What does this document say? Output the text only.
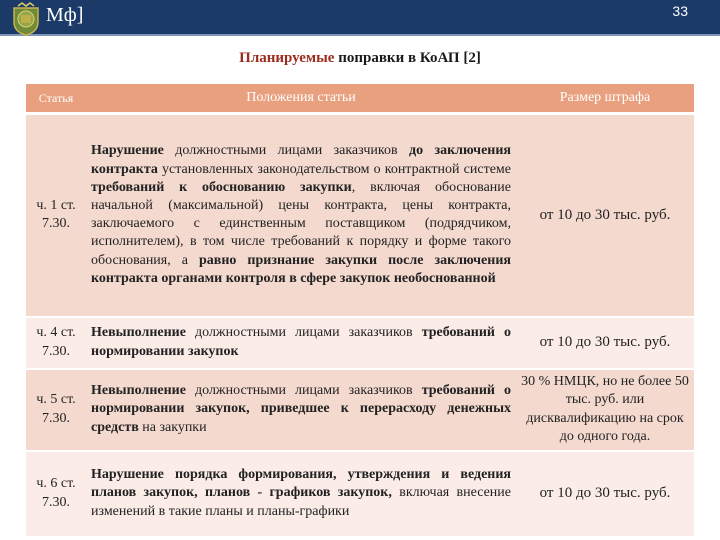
Мф]	33
Планируемые поправки в КоАП [2]
Статья	Положения статьи	Размер штрафа
ч. 1 ст. 7.30.	Нарушение должностными лицами заказчиков до заключения контракта установленных законодательством о контрактной системе требований к обоснованию закупки, включая обоснование начальной (максимальной) цены контракта, цены контракта, заключаемого с единственным поставщиком (подрядчиком, исполнителем), в том числе требований к порядку и форме такого обоснования, а равно признание закупки после заключения контракта органами контроля в сфере закупок необоснованной	от 10 до 30 тыс. руб.
ч. 4 ст. 7.30.	Невыполнение должностными лицами заказчиков требований о нормировании закупок	от 10 до 30 тыс. руб.
ч. 5 ст. 7.30.	Невыполнение должностными лицами заказчиков требований о нормировании закупок, приведшее к перерасходу денежных средств на закупки	30 % НМЦК, но не более 50 тыс. руб. или дисквалификацию на срок до одного года.
ч. 6 ст. 7.30.	Нарушение порядка формирования, утверждения и ведения планов закупок, планов - графиков закупок, включая внесение изменений в такие планы и планы-графики	от 10 до 30 тыс. руб.
